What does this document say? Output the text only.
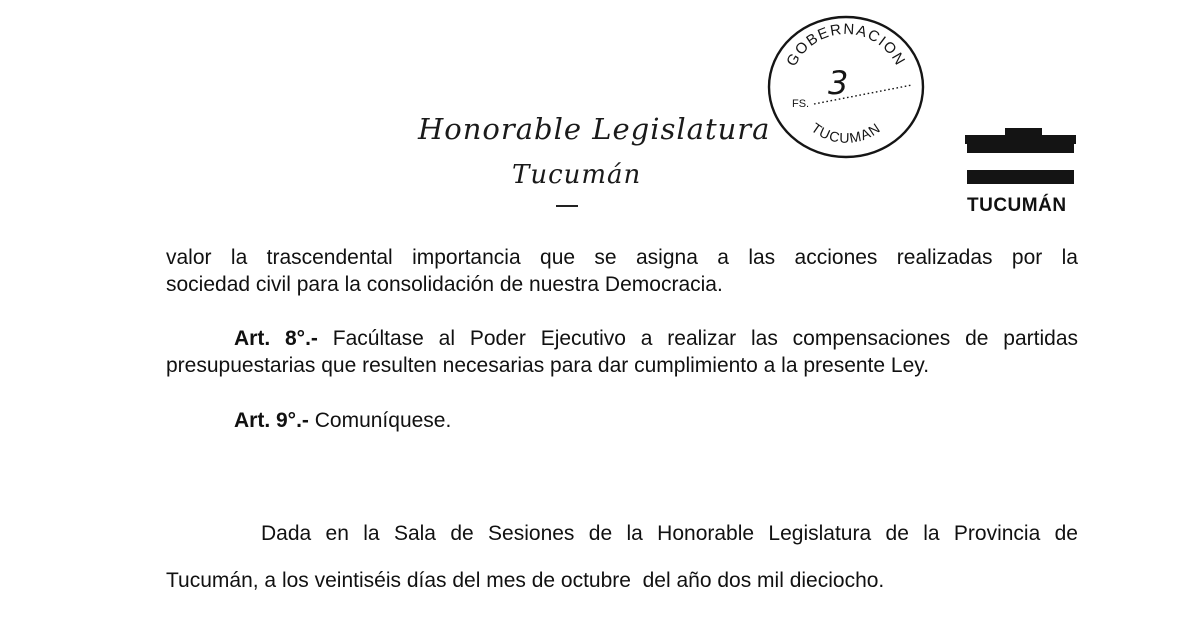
Honorable Legislatura
Tucumán
GOBERNACION
TUCUMAN
FS.
3
TUCUMÁN
valor la trascendental importancia que se asigna a las acciones realizadas por la
sociedad civil para la consolidación de nuestra Democracia.
Art. 8°.- Facúltase al Poder Ejecutivo a realizar las compensaciones de partidas
presupuestarias que resulten necesarias para dar cumplimiento a la presente Ley.
Art. 9°.- Comuníquese.
Dada en la Sala de Sesiones de la Honorable Legislatura de la Provincia de
Tucumán, a los veintiséis días del mes de octubre  del año dos mil dieciocho.
